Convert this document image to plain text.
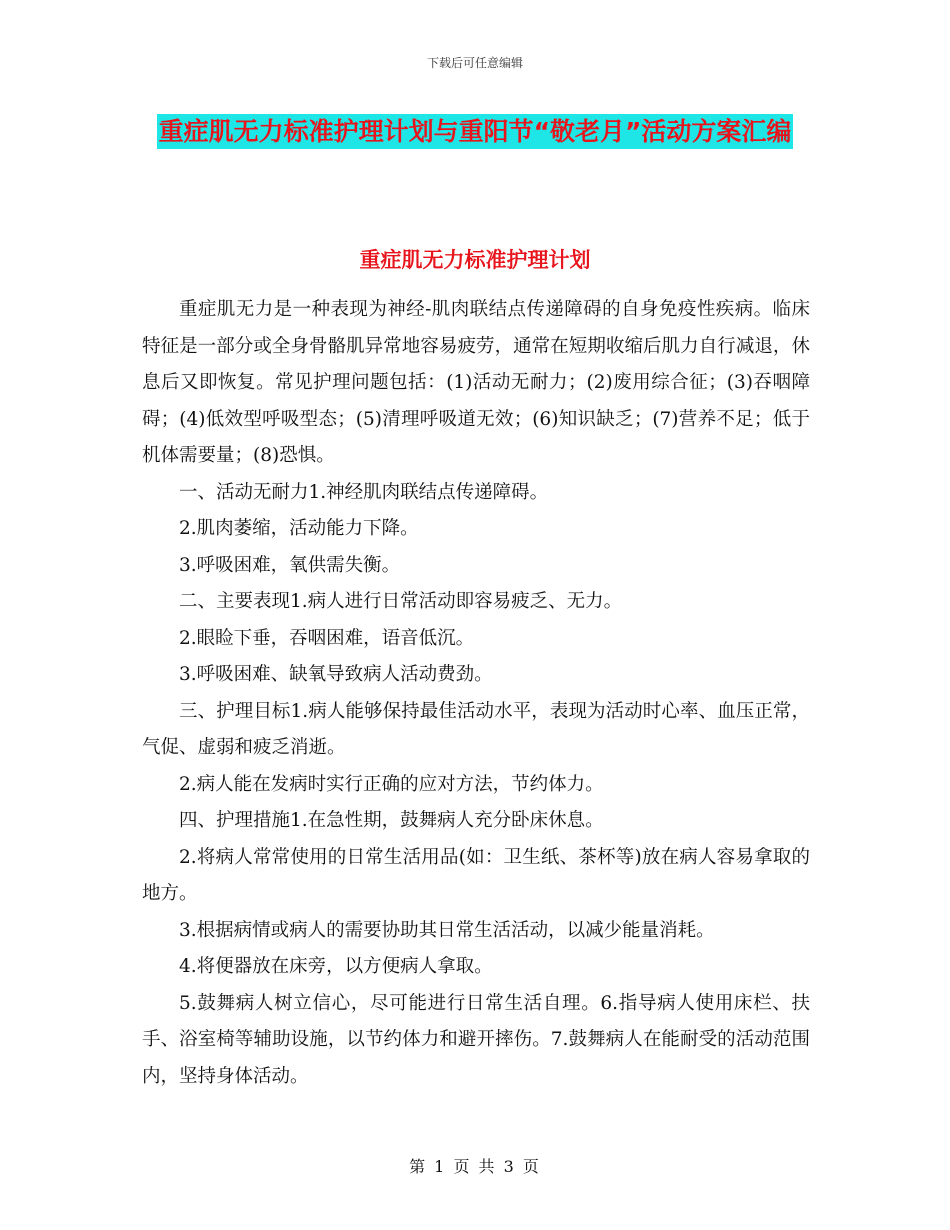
下载后可任意编辑
重症肌无力标准护理计划与重阳节“敬老月”活动方案汇编
重症肌无力标准护理计划

重症肌无力是一种表现为神经-肌肉联结点传递障碍的自身免疫性疾病。临床特征是一部分或全身骨骼肌异常地容易疲劳，通常在短期收缩后肌力自行减退，休息后又即恢复。常见护理问题包括：(1)活动无耐力；(2)废用综合征；(3)吞咽障碍；(4)低效型呼吸型态；(5)清理呼吸道无效；(6)知识缺乏；(7)营养不足；低于机体需要量；(8)恐惧。

一、活动无耐力1.神经肌肉联结点传递障碍。

2.肌肉萎缩，活动能力下降。

3.呼吸困难，氧供需失衡。

二、主要表现1.病人进行日常活动即容易疲乏、无力。

2.眼睑下垂，吞咽困难，语音低沉。

3.呼吸困难、缺氧导致病人活动费劲。

三、护理目标1.病人能够保持最佳活动水平，表现为活动时心率、血压正常，气促、虚弱和疲乏消逝。

2.病人能在发病时实行正确的应对方法，节约体力。

四、护理措施1.在急性期，鼓舞病人充分卧床休息。

2.将病人常常使用的日常生活用品(如：卫生纸、茶杯等)放在病人容易拿取的地方。

3.根据病情或病人的需要协助其日常生活活动，以减少能量消耗。

4.将便器放在床旁，以方便病人拿取。

5.鼓舞病人树立信心，尽可能进行日常生活自理。6.指导病人使用床栏、扶手、浴室椅等辅助设施，以节约体力和避开摔伤。7.鼓舞病人在能耐受的活动范围内，坚持身体活动。

第 1 页 共 3 页
